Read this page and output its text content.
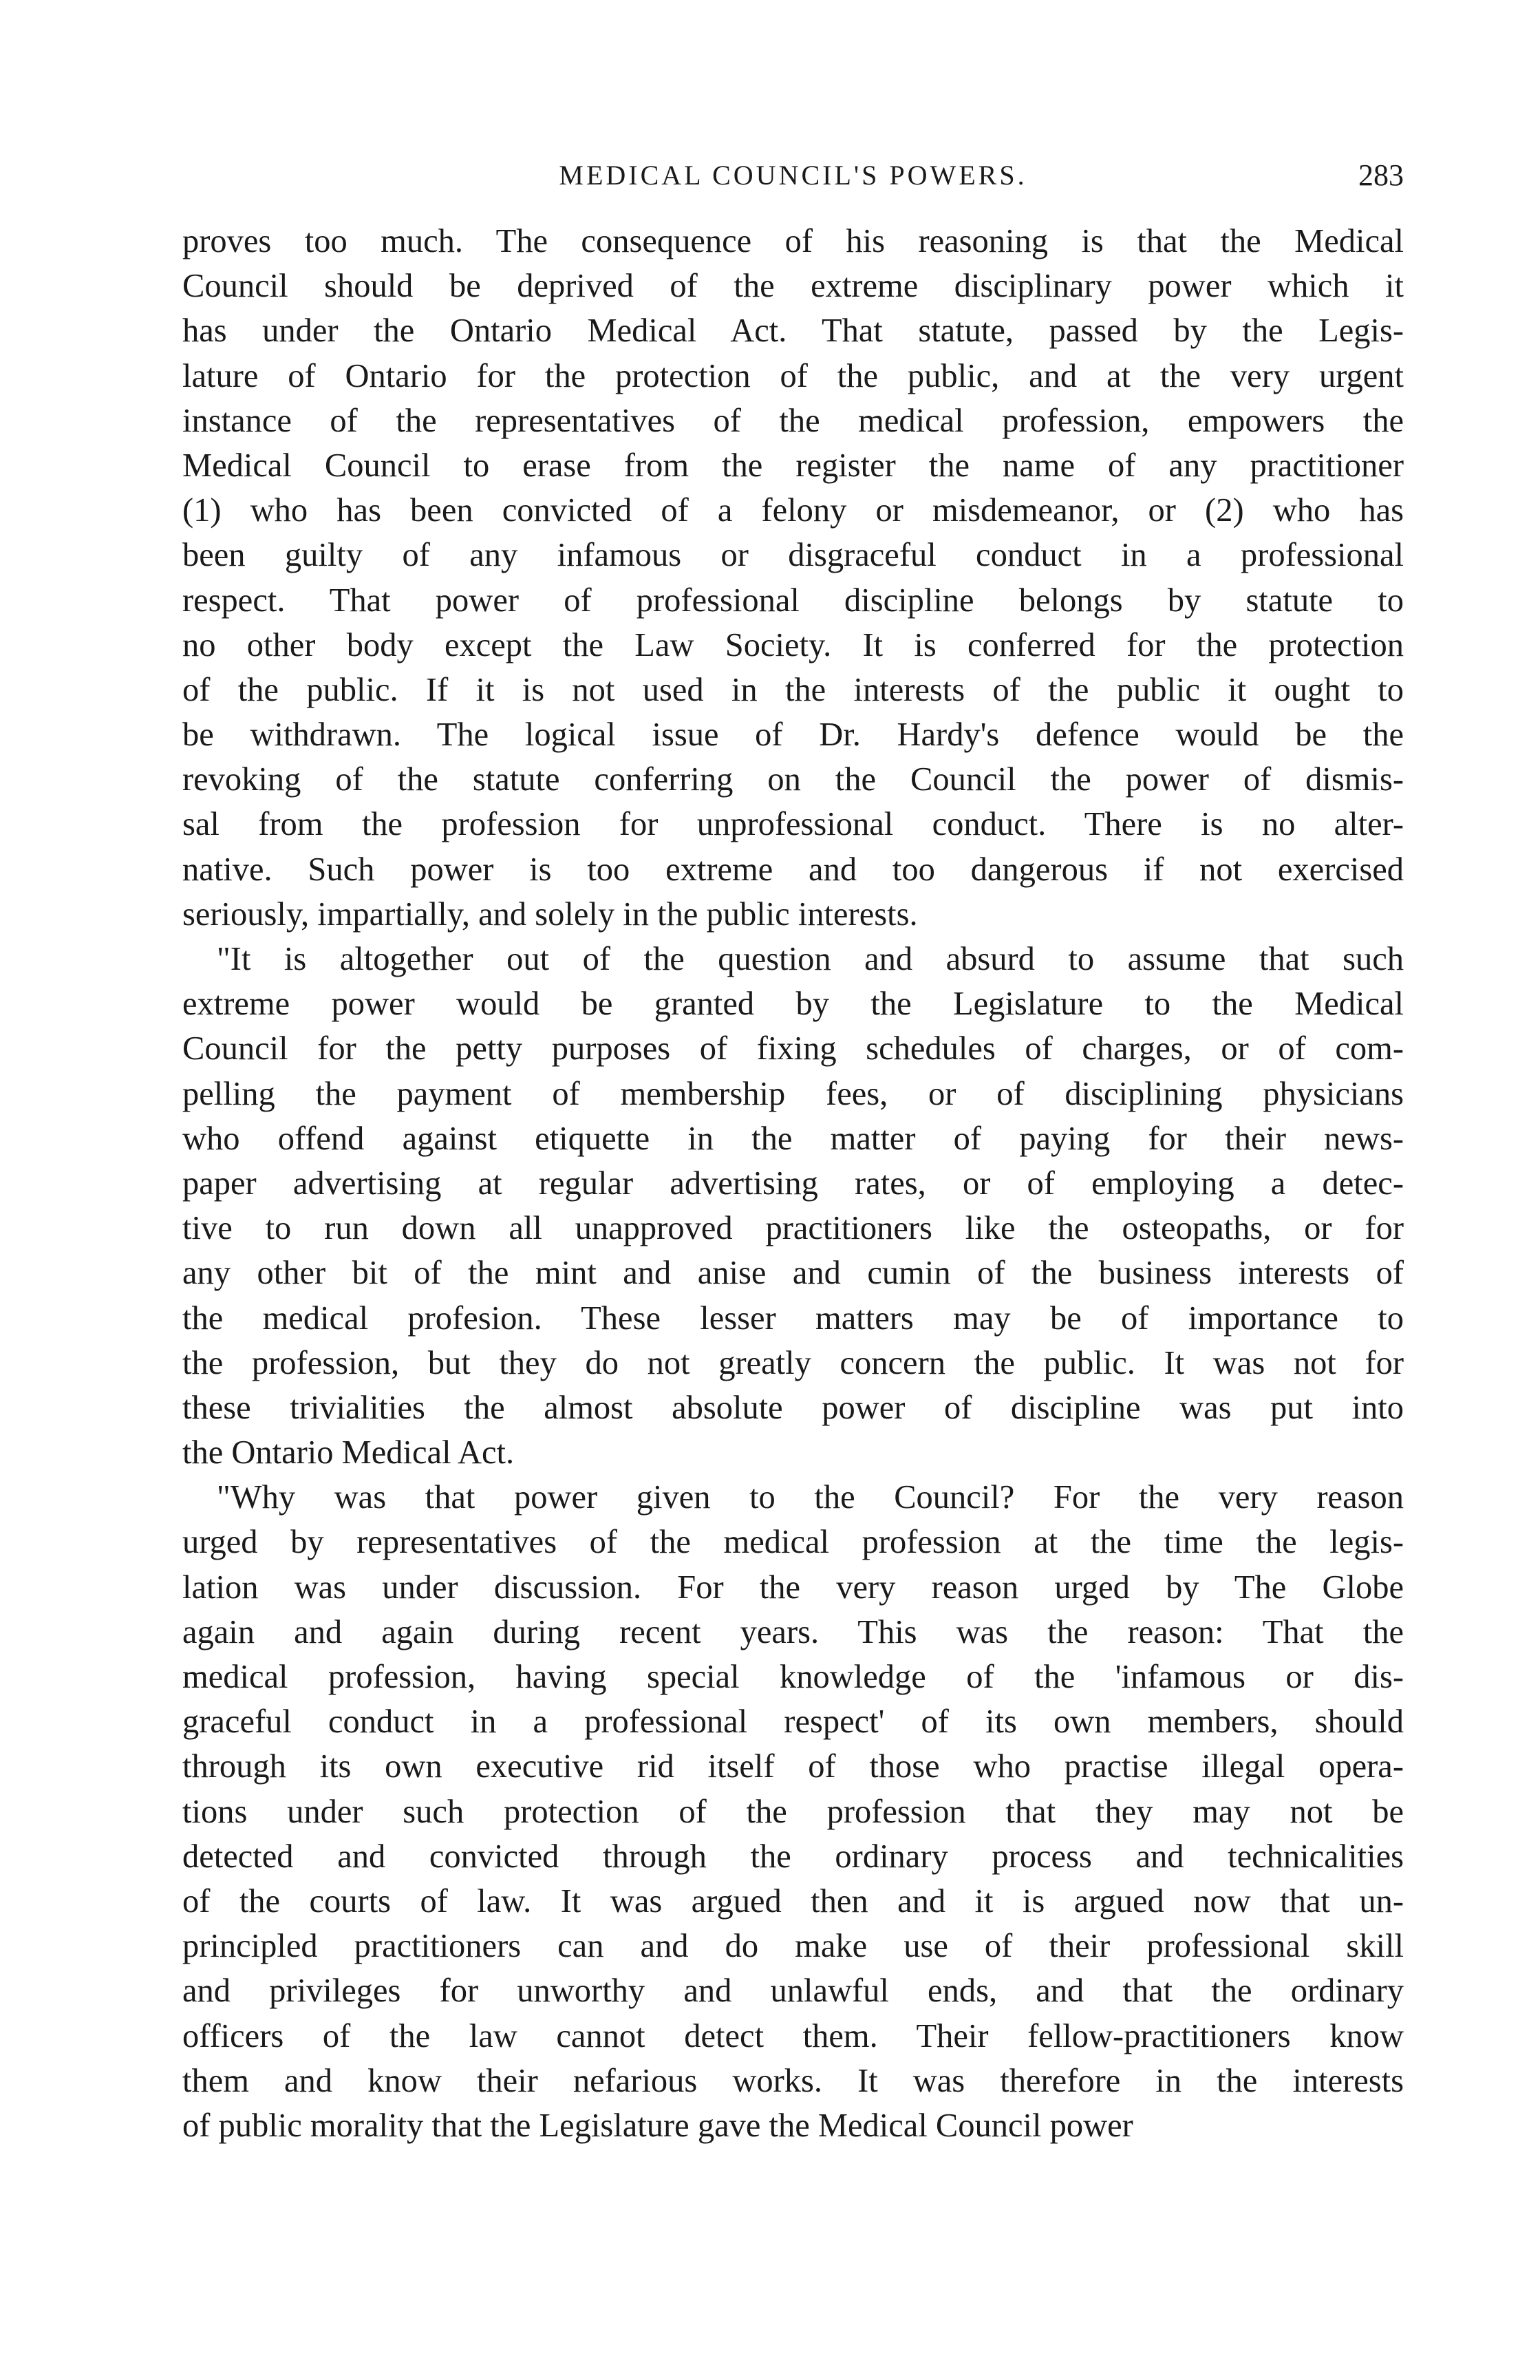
MEDICAL COUNCIL'S POWERS.	283
proves too much. The consequence of his reasoning is that the Medical
Council should be deprived of the extreme disciplinary power which it
has under the Ontario Medical Act. That statute, passed by the Legis-
lature of Ontario for the protection of the public, and at the very urgent
instance of the representatives of the medical profession, empowers the
Medical Council to erase from the register the name of any practitioner
(1) who has been convicted of a felony or misdemeanor, or (2) who has
been guilty of any infamous or disgraceful conduct in a professional
respect. That power of professional discipline belongs by statute to
no other body except the Law Society. It is conferred for the protection
of the public. If it is not used in the interests of the public it ought to
be withdrawn. The logical issue of Dr. Hardy's defence would be the
revoking of the statute conferring on the Council the power of dismis-
sal from the profession for unprofessional conduct. There is no alter-
native. Such power is too extreme and too dangerous if not exercised
seriously, impartially, and solely in the public interests.
"It is altogether out of the question and absurd to assume that such
extreme power would be granted by the Legislature to the Medical
Council for the petty purposes of fixing schedules of charges, or of com-
pelling the payment of membership fees, or of disciplining physicians
who offend against etiquette in the matter of paying for their news-
paper advertising at regular advertising rates, or of employing a detec-
tive to run down all unapproved practitioners like the osteopaths, or for
any other bit of the mint and anise and cumin of the business interests of
the medical profesion. These lesser matters may be of importance to
the profession, but they do not greatly concern the public. It was not for
these trivialities the almost absolute power of discipline was put into
the Ontario Medical Act.
"Why was that power given to the Council? For the very reason
urged by representatives of the medical profession at the time the legis-
lation was under discussion. For the very reason urged by The Globe
again and again during recent years. This was the reason: That the
medical profession, having special knowledge of the 'infamous or dis-
graceful conduct in a professional respect' of its own members, should
through its own executive rid itself of those who practise illegal opera-
tions under such protection of the profession that they may not be
detected and convicted through the ordinary process and technicalities
of the courts of law. It was argued then and it is argued now that un-
principled practitioners can and do make use of their professional skill
and privileges for unworthy and unlawful ends, and that the ordinary
officers of the law cannot detect them. Their fellow-practitioners know
them and know their nefarious works. It was therefore in the interests
of public morality that the Legislature gave the Medical Council power
